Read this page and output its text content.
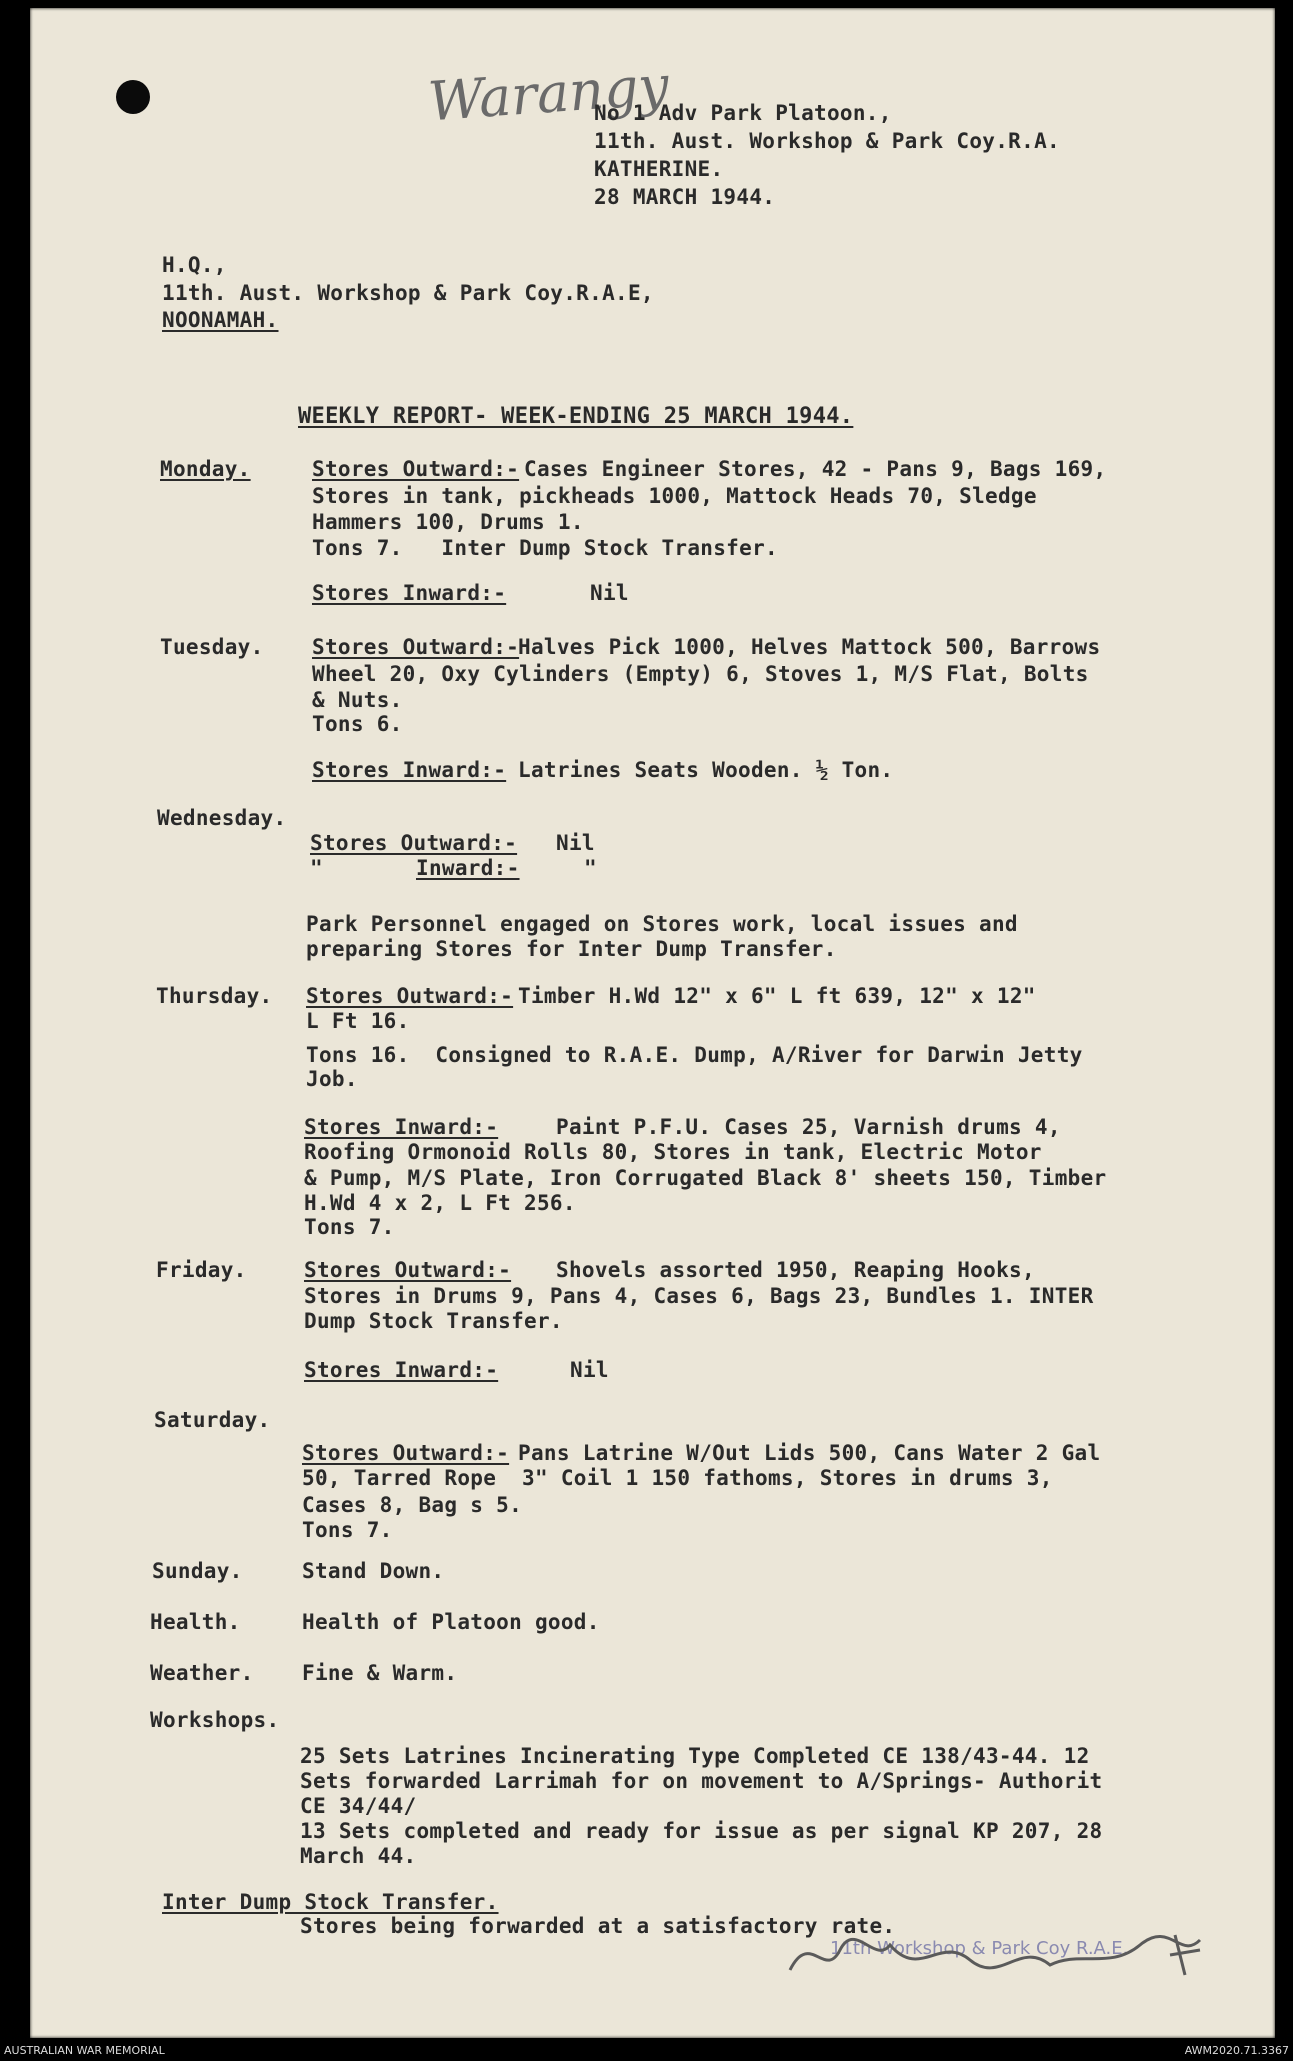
Warangy
No 1 Adv Park Platoon.,
11th. Aust. Workshop & Park Coy.R.A.
KATHERINE.
28 MARCH 1944.
H.Q.,
11th. Aust. Workshop & Park Coy.R.A.E,
NOONAMAH.
WEEKLY REPORT- WEEK-ENDING 25 MARCH 1944.
Monday.	Stores Outward:- Cases Engineer Stores, 42 - Pans 9, Bags 169,
Stores in tank, pickheads 1000, Mattock Heads 70, Sledge
Hammers 100, Drums 1.
Tons 7.   Inter Dump Stock Transfer.
Stores Inward:-	Nil
Tuesday. Stores Outward:-
Halves Pick 1000, Helves Mattock 500, Barrows
Wheel 20, Oxy Cylinders (Empty) 6, Stoves 1, M/S Flat, Bolts
& Nuts.
Tons 6.
Stores Inward:- Latrines Seats Wooden. ½ Ton.
Wednesday.
Stores Outward:- Nil
"	Inward:-	"
Park Personnel engaged on Stores work, local issues and
preparing Stores for Inter Dump Transfer.
Thursday. Stores Outward:- Timber H.Wd 12" x 6" L ft 639, 12" x 12"
L Ft 16.
Tons 16.  Consigned to R.A.E. Dump, A/River for Darwin Jetty
Job.
Stores Inward:-	Paint P.F.U. Cases 25, Varnish drums 4,
Roofing Ormonoid Rolls 80, Stores in tank, Electric Motor
& Pump, M/S Plate, Iron Corrugated Black 8' sheets 150, Timber
H.Wd 4 x 2, L Ft 256.
Tons 7.
Friday.	Stores Outward:- Shovels assorted 1950, Reaping Hooks,
Stores in Drums 9, Pans 4, Cases 6, Bags 23, Bundles 1. INTER
Dump Stock Transfer.
Stores Inward:-	Nil
Saturday.
Stores Outward:- Pans Latrine W/Out Lids 500, Cans Water 2 Gal
50, Tarred Rope  3" Coil 1 150 fathoms, Stores in drums 3,
Cases 8, Bag s 5.
Tons 7.
Sunday.	Stand Down.
Health.	Health of Platoon good.
Weather. Fine & Warm.
Workshops.
25 Sets Latrines Incinerating Type Completed CE 138/43-44. 12
Sets forwarded Larrimah for on movement to A/Springs- Authorit
CE 34/44/
13 Sets completed and ready for issue as per signal KP 207, 28
March 44.
Inter Dump Stock Transfer.
Stores being forwarded at a satisfactory rate.
11th Workshop & Park Coy R.A.E.
AUSTRALIAN WAR MEMORIAL	AWM2020.71.3367
